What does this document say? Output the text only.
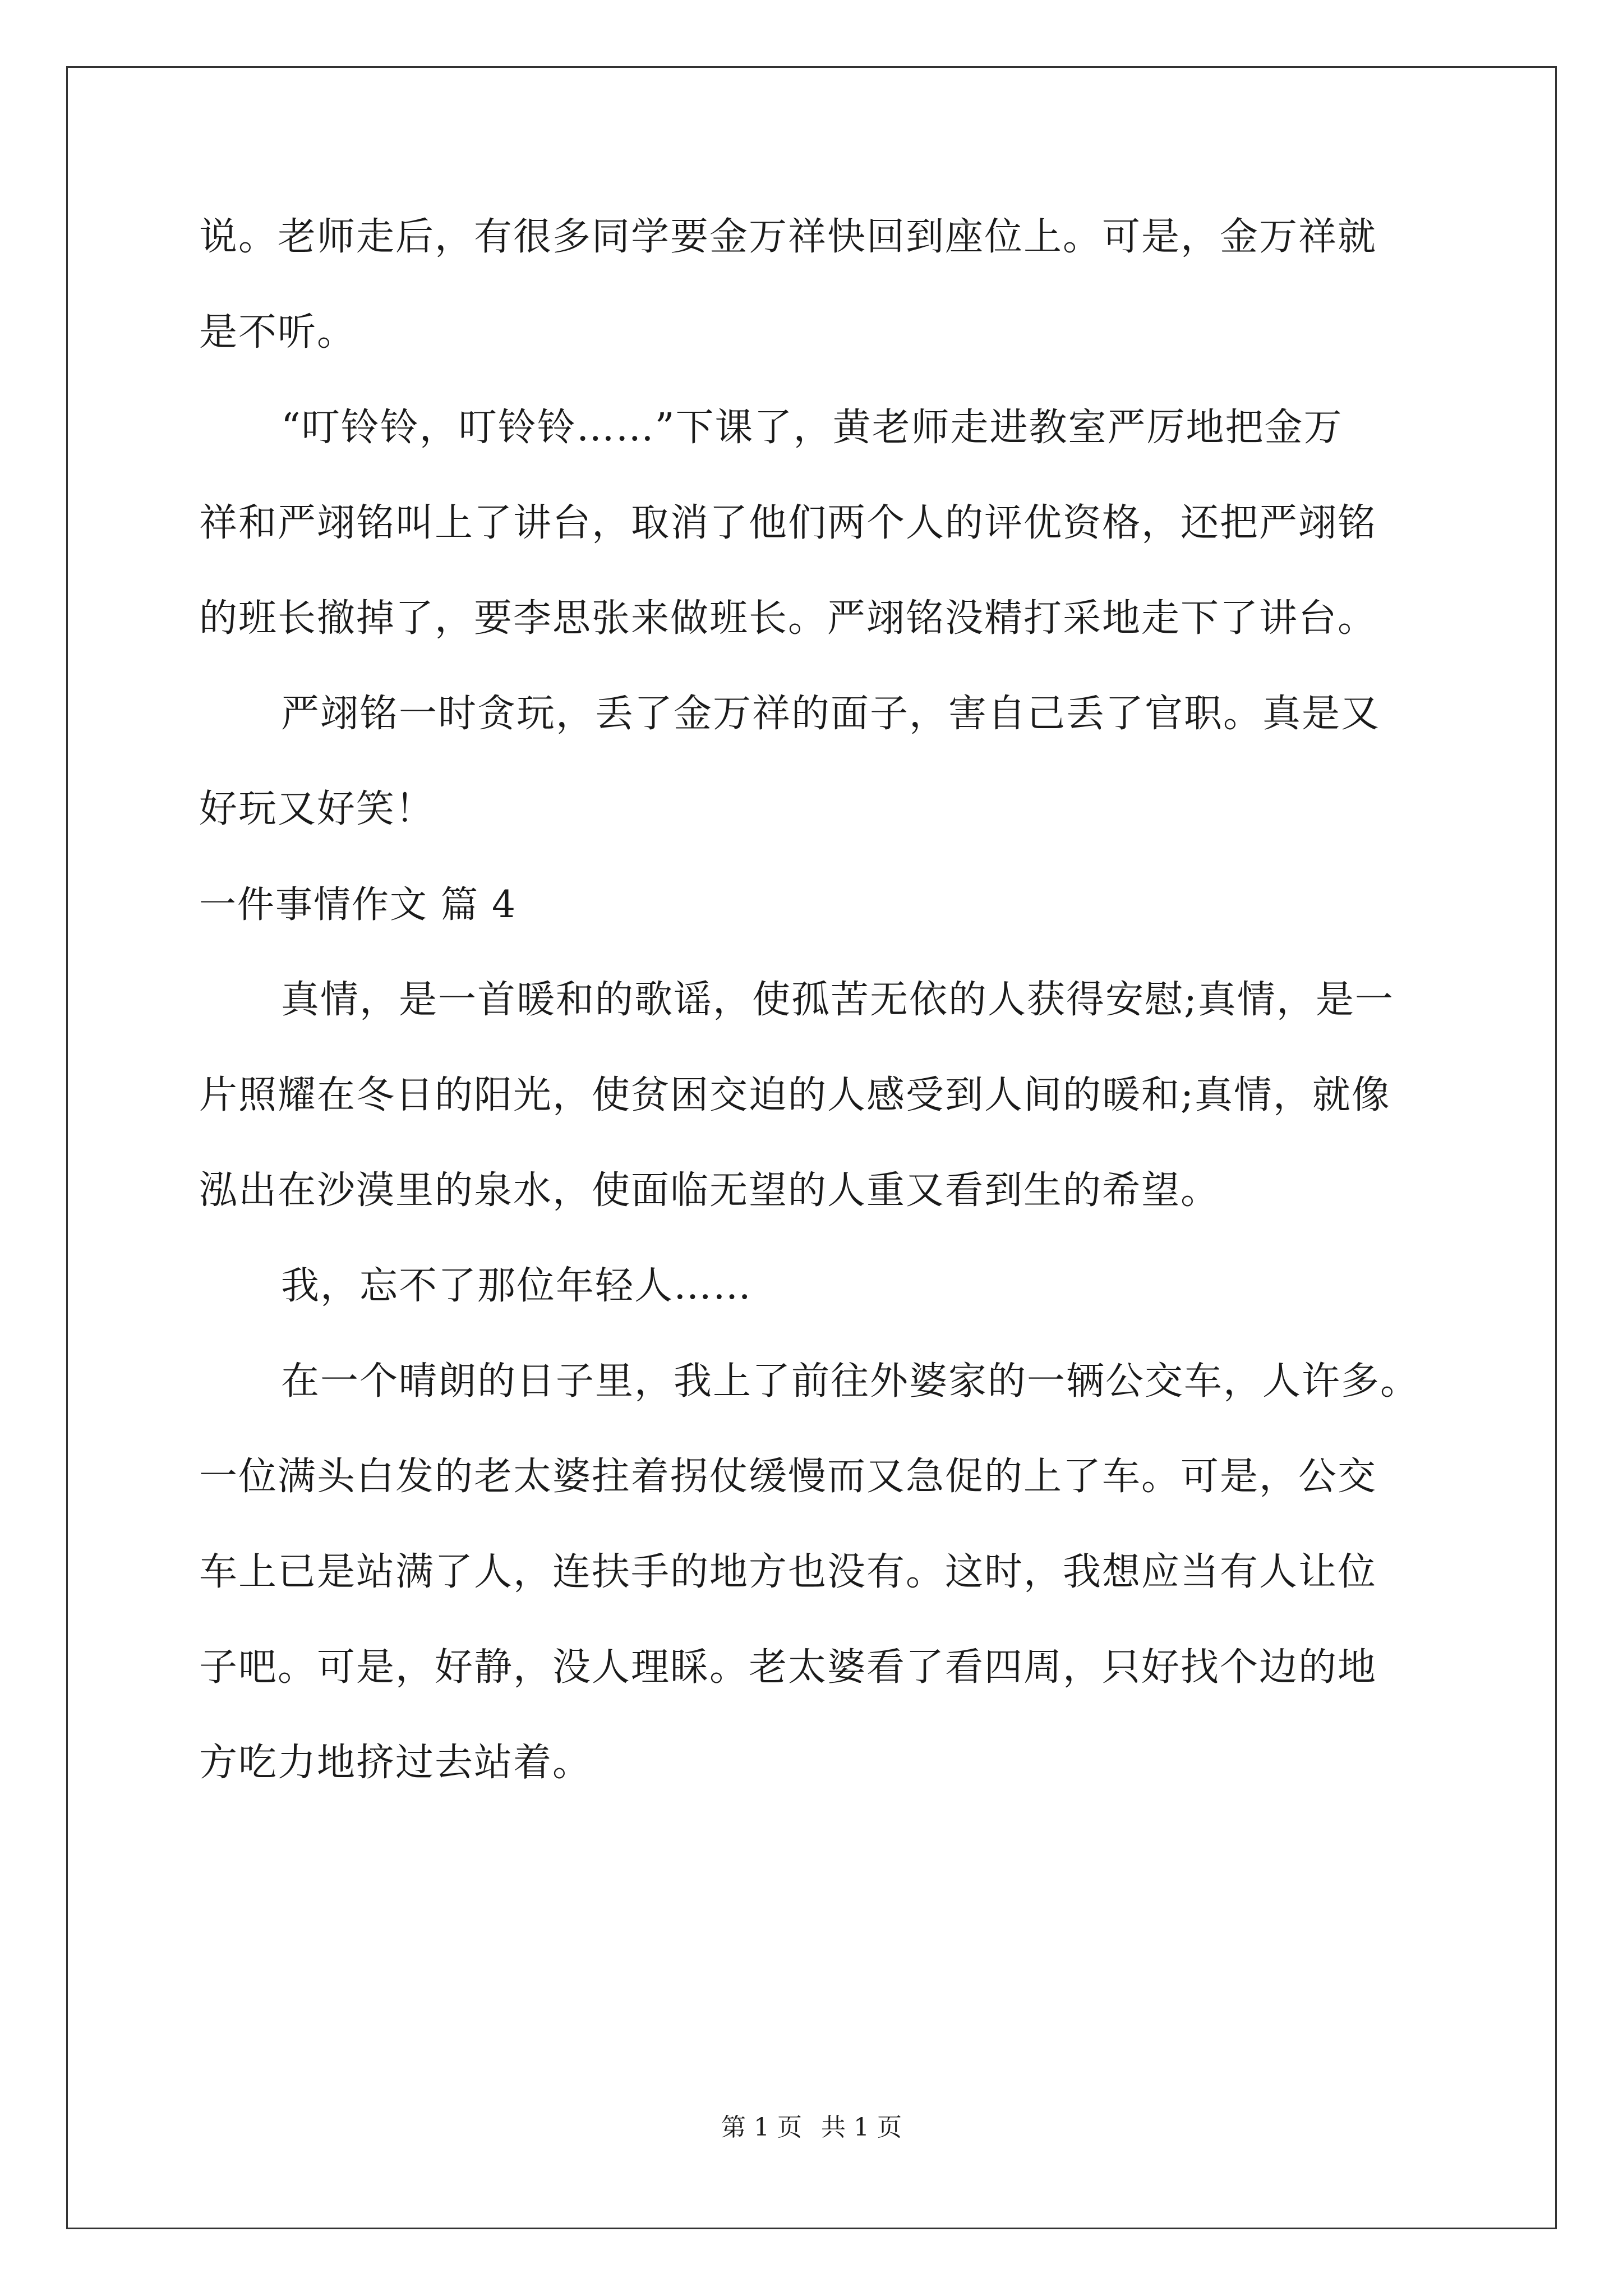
说。老师走后，有很多同学要金万祥快回到座位上。可是，金万祥就
是不听。
“叮铃铃，叮铃铃……”下课了，黄老师走进教室严厉地把金万
祥和严翊铭叫上了讲台，取消了他们两个人的评优资格，还把严翊铭
的班长撤掉了，要李思张来做班长。严翊铭没精打采地走下了讲台。
严翊铭一时贪玩，丢了金万祥的面子，害自己丢了官职。真是又
好玩又好笑！
一件事情作文 篇 4
真情，是一首暖和的歌谣，使孤苦无依的人获得安慰;真情，是一
片照耀在冬日的阳光，使贫困交迫的人感受到人间的暖和;真情，就像
泓出在沙漠里的泉水，使面临无望的人重又看到生的希望。
我，忘不了那位年轻人……
在一个晴朗的日子里，我上了前往外婆家的一辆公交车，人许多。
一位满头白发的老太婆拄着拐仗缓慢而又急促的上了车。可是，公交
车上已是站满了人，连扶手的地方也没有。这时，我想应当有人让位
子吧。可是，好静，没人理睬。老太婆看了看四周，只好找个边的地
方吃力地挤过去站着。
第 1 页 共 1 页
